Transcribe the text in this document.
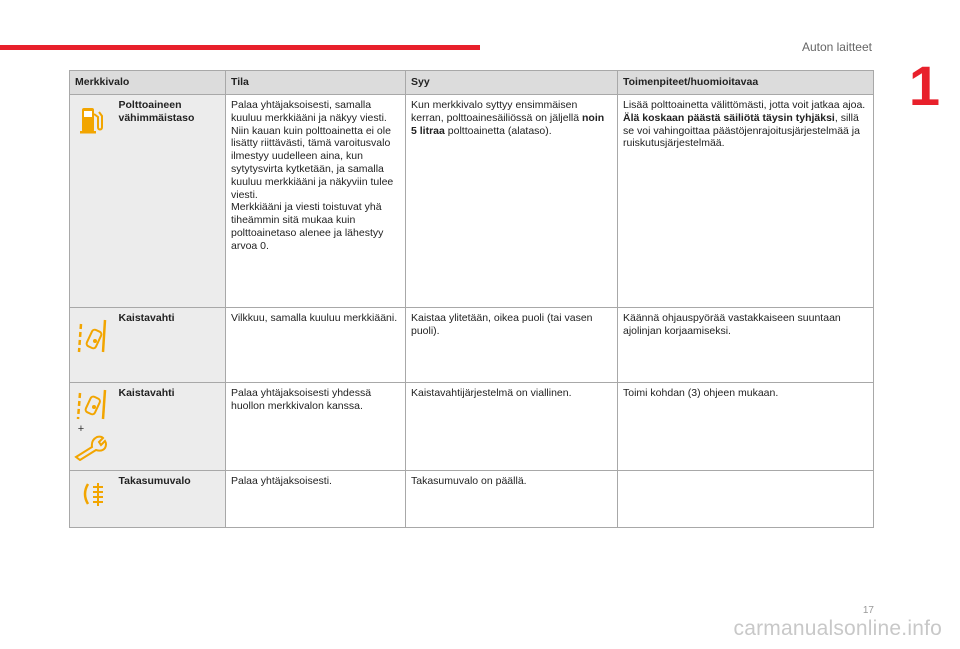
Auton laitteet
1
Merkkivalo		Tila	Syy	Toimenpiteet/huomioitavaa
	Polttoaineen vähimmäistaso	Palaa yhtäjaksoisesti, samalla kuuluu merkkiääni ja näkyy viesti.
Niin kauan kuin polttoainetta ei ole lisätty riittävästi, tämä varoitusvalo ilmestyy uudelleen aina, kun sytytysvirta kytketään, ja samalla kuuluu merkkiääni ja näkyviin tulee viesti.
Merkkiääni ja viesti toistuvat yhä tiheämmin sitä mukaa kuin polttoainetaso alenee ja lähestyy arvoa 0.	Kun merkkivalo syttyy ensimmäisen kerran, polttoainesäiliössä on jäljellä noin 5 litraa polttoainetta (alataso).	Lisää polttoainetta välittömästi, jotta voit jatkaa ajoa.
Älä koskaan päästä säiliötä täysin tyhjäksi, sillä se voi vahingoittaa päästöjenrajoitusjärjestelmää ja ruiskutusjärjestelmää.
	Kaistavahti	Vilkkuu, samalla kuuluu merkkiääni.	Kaistaa ylitetään, oikea puoli (tai vasen puoli).	Käännä ohjauspyörää vastakkaiseen suuntaan ajolinjan korjaamiseksi.

+	Kaistavahti	Palaa yhtäjaksoisesti yhdessä huollon merkkivalon kanssa.	Kaistavahtijärjestelmä on viallinen.	Toimi kohdan (3) ohjeen mukaan.
	Takasumuvalo	Palaa yhtäjaksoisesti.	Takasumuvalo on päällä.	
17
carmanualsonline.info
